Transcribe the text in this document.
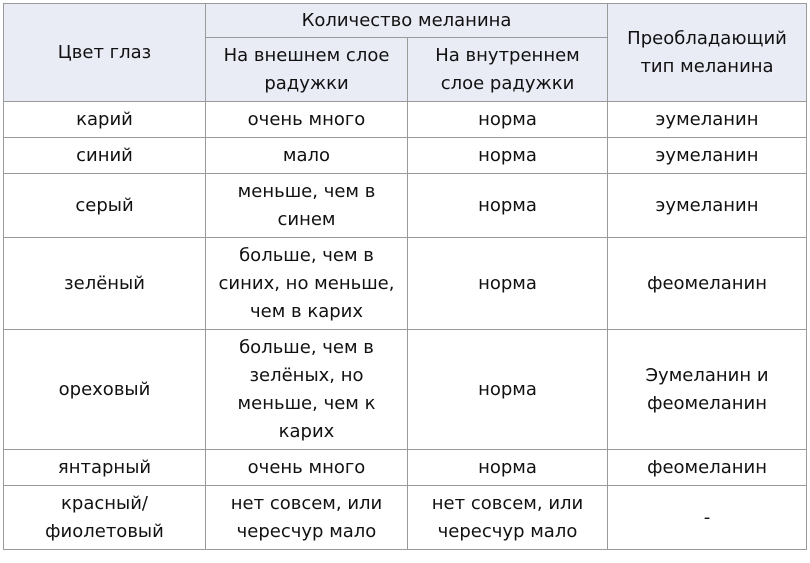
Цвет глаз	Количество меланина		Преобладающий тип меланина
	На внешнем слое радужки	На внутреннем слое радужки	
карий	очень много	норма	эумеланин
синий	мало	норма	эумеланин
серый	меньше, чем в синем	норма	эумеланин
зелёный	больше, чем в синих, но меньше, чем в карих	норма	феомеланин
ореховый	больше, чем в зелёных, но меньше, чем к карих	норма	Эумеланин и феомеланин
янтарный	очень много	норма	феомеланин
красный/ фиолетовый	нет совсем, или чересчур мало	нет совсем, или чересчур мало	-
